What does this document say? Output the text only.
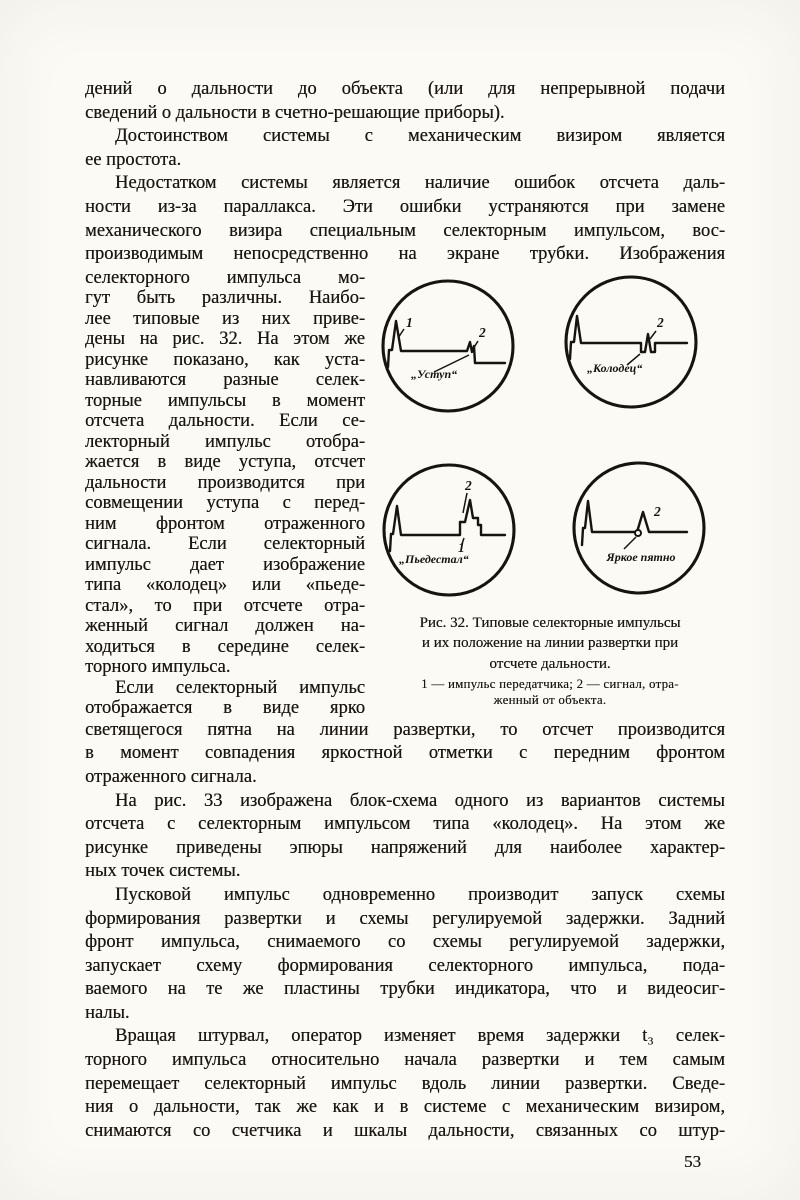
дений о дальности до объекта (или для непрерывной подачи
сведений о дальности в счетно-решающие приборы).
Достоинством системы с механическим визиром является
ее простота.
Недостатком системы является наличие ошибок отсчета даль-
ности из-за параллакса. Эти ошибки устраняются при замене
механического визира специальным селекторным импульсом, вос-
производимым непосредственно на экране трубки. Изображения
селекторного импульса мо-
гут быть различны. Наибо-
лее типовые из них приве-
дены на рис. 32. На этом же
рисунке показано, как уста-
навливаются разные селек-
торные импульсы в момент
отсчета дальности. Если се-
лекторный импульс отобра-
жается в виде уступа, отсчет
дальности производится при
совмещении уступа с перед-
ним фронтом отраженного
сигнала. Если селекторный
импульс дает изображение
типа «колодец» или «пьеде-
стал», то при отсчете отра-
женный сигнал должен на-
ходиться в середине селек-
торного импульса.
Если селекторный импульс
отображается в виде ярко
1
2
„Уступ“
2
„Колодец“
2
1
„Пьедестал“
2
Яркое пятно
Рис. 32. Типовые селекторные импульсы
и их положение на линии развертки при
отсчете дальности.
1 — импульс передатчика; 2 — сигнал, отра-
женный от объекта.
светящегося пятна на линии развертки, то отсчет производится
в момент совпадения яркостной отметки с передним фронтом
отраженного сигнала.
На рис. 33 изображена блок-схема одного из вариантов системы
отсчета с селекторным импульсом типа «колодец». На этом же
рисунке приведены эпюры напряжений для наиболее характер-
ных точек системы.
Пусковой импульс одновременно производит запуск схемы
формирования развертки и схемы регулируемой задержки. Задний
фронт импульса, снимаемого со схемы регулируемой задержки,
запускает схему формирования селекторного импульса, пода-
ваемого на те же пластины трубки индикатора, что и видеосиг-
налы.
Вращая штурвал, оператор изменяет время задержки t₃ селек-
торного импульса относительно начала развертки и тем самым
перемещает селекторный импульс вдоль линии развертки. Сведе-
ния о дальности, так же как и в системе с механическим визиром,
снимаются со счетчика и шкалы дальности, связанных со штур-
53
